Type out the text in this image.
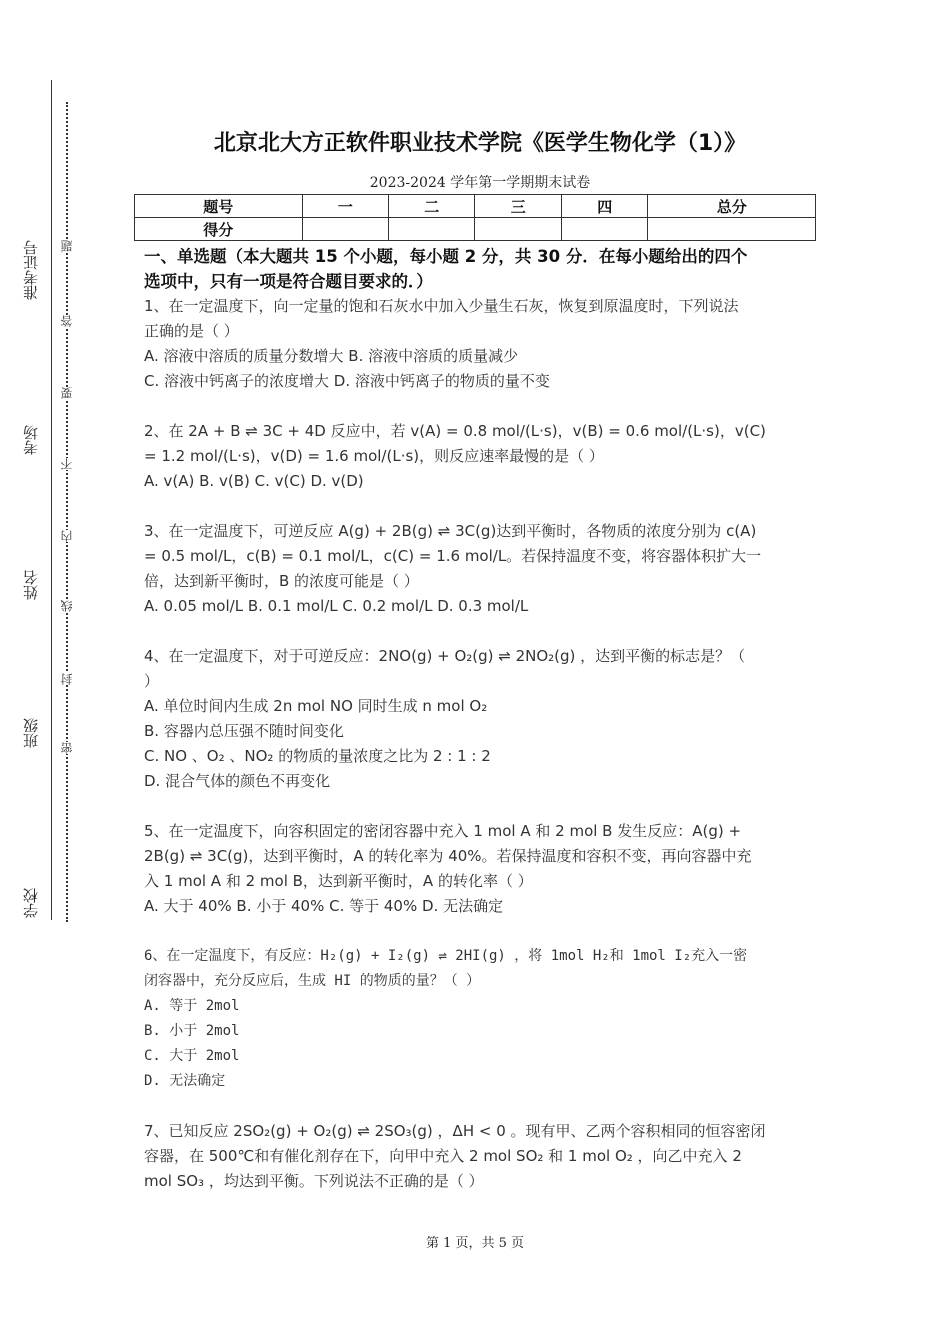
准考证号
考场
姓名
班级
学校
题
答
要
不
内
线
封
密
北京北大方正软件职业技术学院《医学生物化学（1）》
2023-2024 学年第一学期期末试卷
题号	一	二	三	四	总分
得分					

一、单选题（本大题共 15 个小题，每小题 2 分，共 30 分．在每小题给出的四个

选项中，只有一项是符合题目要求的．）

1、在一定温度下，向一定量的饱和石灰水中加入少量生石灰，恢复到原温度时，下列说法

正确的是（ ）

A. 溶液中溶质的质量分数增大 B. 溶液中溶质的质量减少

C. 溶液中钙离子的浓度增大 D. 溶液中钙离子的物质的量不变

2、在 2A + B ⇌ 3C + 4D 反应中，若 v(A) = 0.8 mol/(L·s)，v(B) = 0.6 mol/(L·s)，v(C)

= 1.2 mol/(L·s)，v(D) = 1.6 mol/(L·s)，则反应速率最慢的是（ ）

A. v(A) B. v(B) C. v(C) D. v(D)

3、在一定温度下，可逆反应 A(g) + 2B(g) ⇌ 3C(g)达到平衡时，各物质的浓度分别为 c(A)

= 0.5 mol/L，c(B) = 0.1 mol/L，c(C) = 1.6 mol/L。若保持温度不变，将容器体积扩大一

倍，达到新平衡时，B 的浓度可能是（ ）

A. 0.05 mol/L B. 0.1 mol/L C. 0.2 mol/L D. 0.3 mol/L

4、在一定温度下，对于可逆反应：2NO(g) + O₂(g) ⇌ 2NO₂(g) ，达到平衡的标志是？（

）

A. 单位时间内生成 2n mol NO 同时生成 n mol O₂

B. 容器内总压强不随时间变化

C. NO 、O₂ 、NO₂ 的物质的量浓度之比为 2 : 1 : 2

D. 混合气体的颜色不再变化

5、在一定温度下，向容积固定的密闭容器中充入 1 mol A 和 2 mol B 发生反应：A(g) +

2B(g) ⇌ 3C(g)，达到平衡时，A 的转化率为 40%。若保持温度和容积不变，再向容器中充

入 1 mol A 和 2 mol B，达到新平衡时，A 的转化率（ ）

A. 大于 40% B. 小于 40% C. 等于 40% D. 无法确定

6、在一定温度下，有反应：H₂(g) + I₂(g) ⇌ 2HI(g) ，将 1mol H₂和 1mol I₂充入一密

闭容器中，充分反应后，生成 HI 的物质的量？（ ）

A. 等于 2mol

B. 小于 2mol

C. 大于 2mol

D. 无法确定

7、已知反应 2SO₂(g) + O₂(g) ⇌ 2SO₃(g) ，ΔH < 0 。现有甲、乙两个容积相同的恒容密闭

容器，在 500℃和有催化剂存在下，向甲中充入 2 mol SO₂ 和 1 mol O₂ ，向乙中充入 2

mol SO₃ ，均达到平衡。下列说法不正确的是（ ）

第 1 页，共 5 页
